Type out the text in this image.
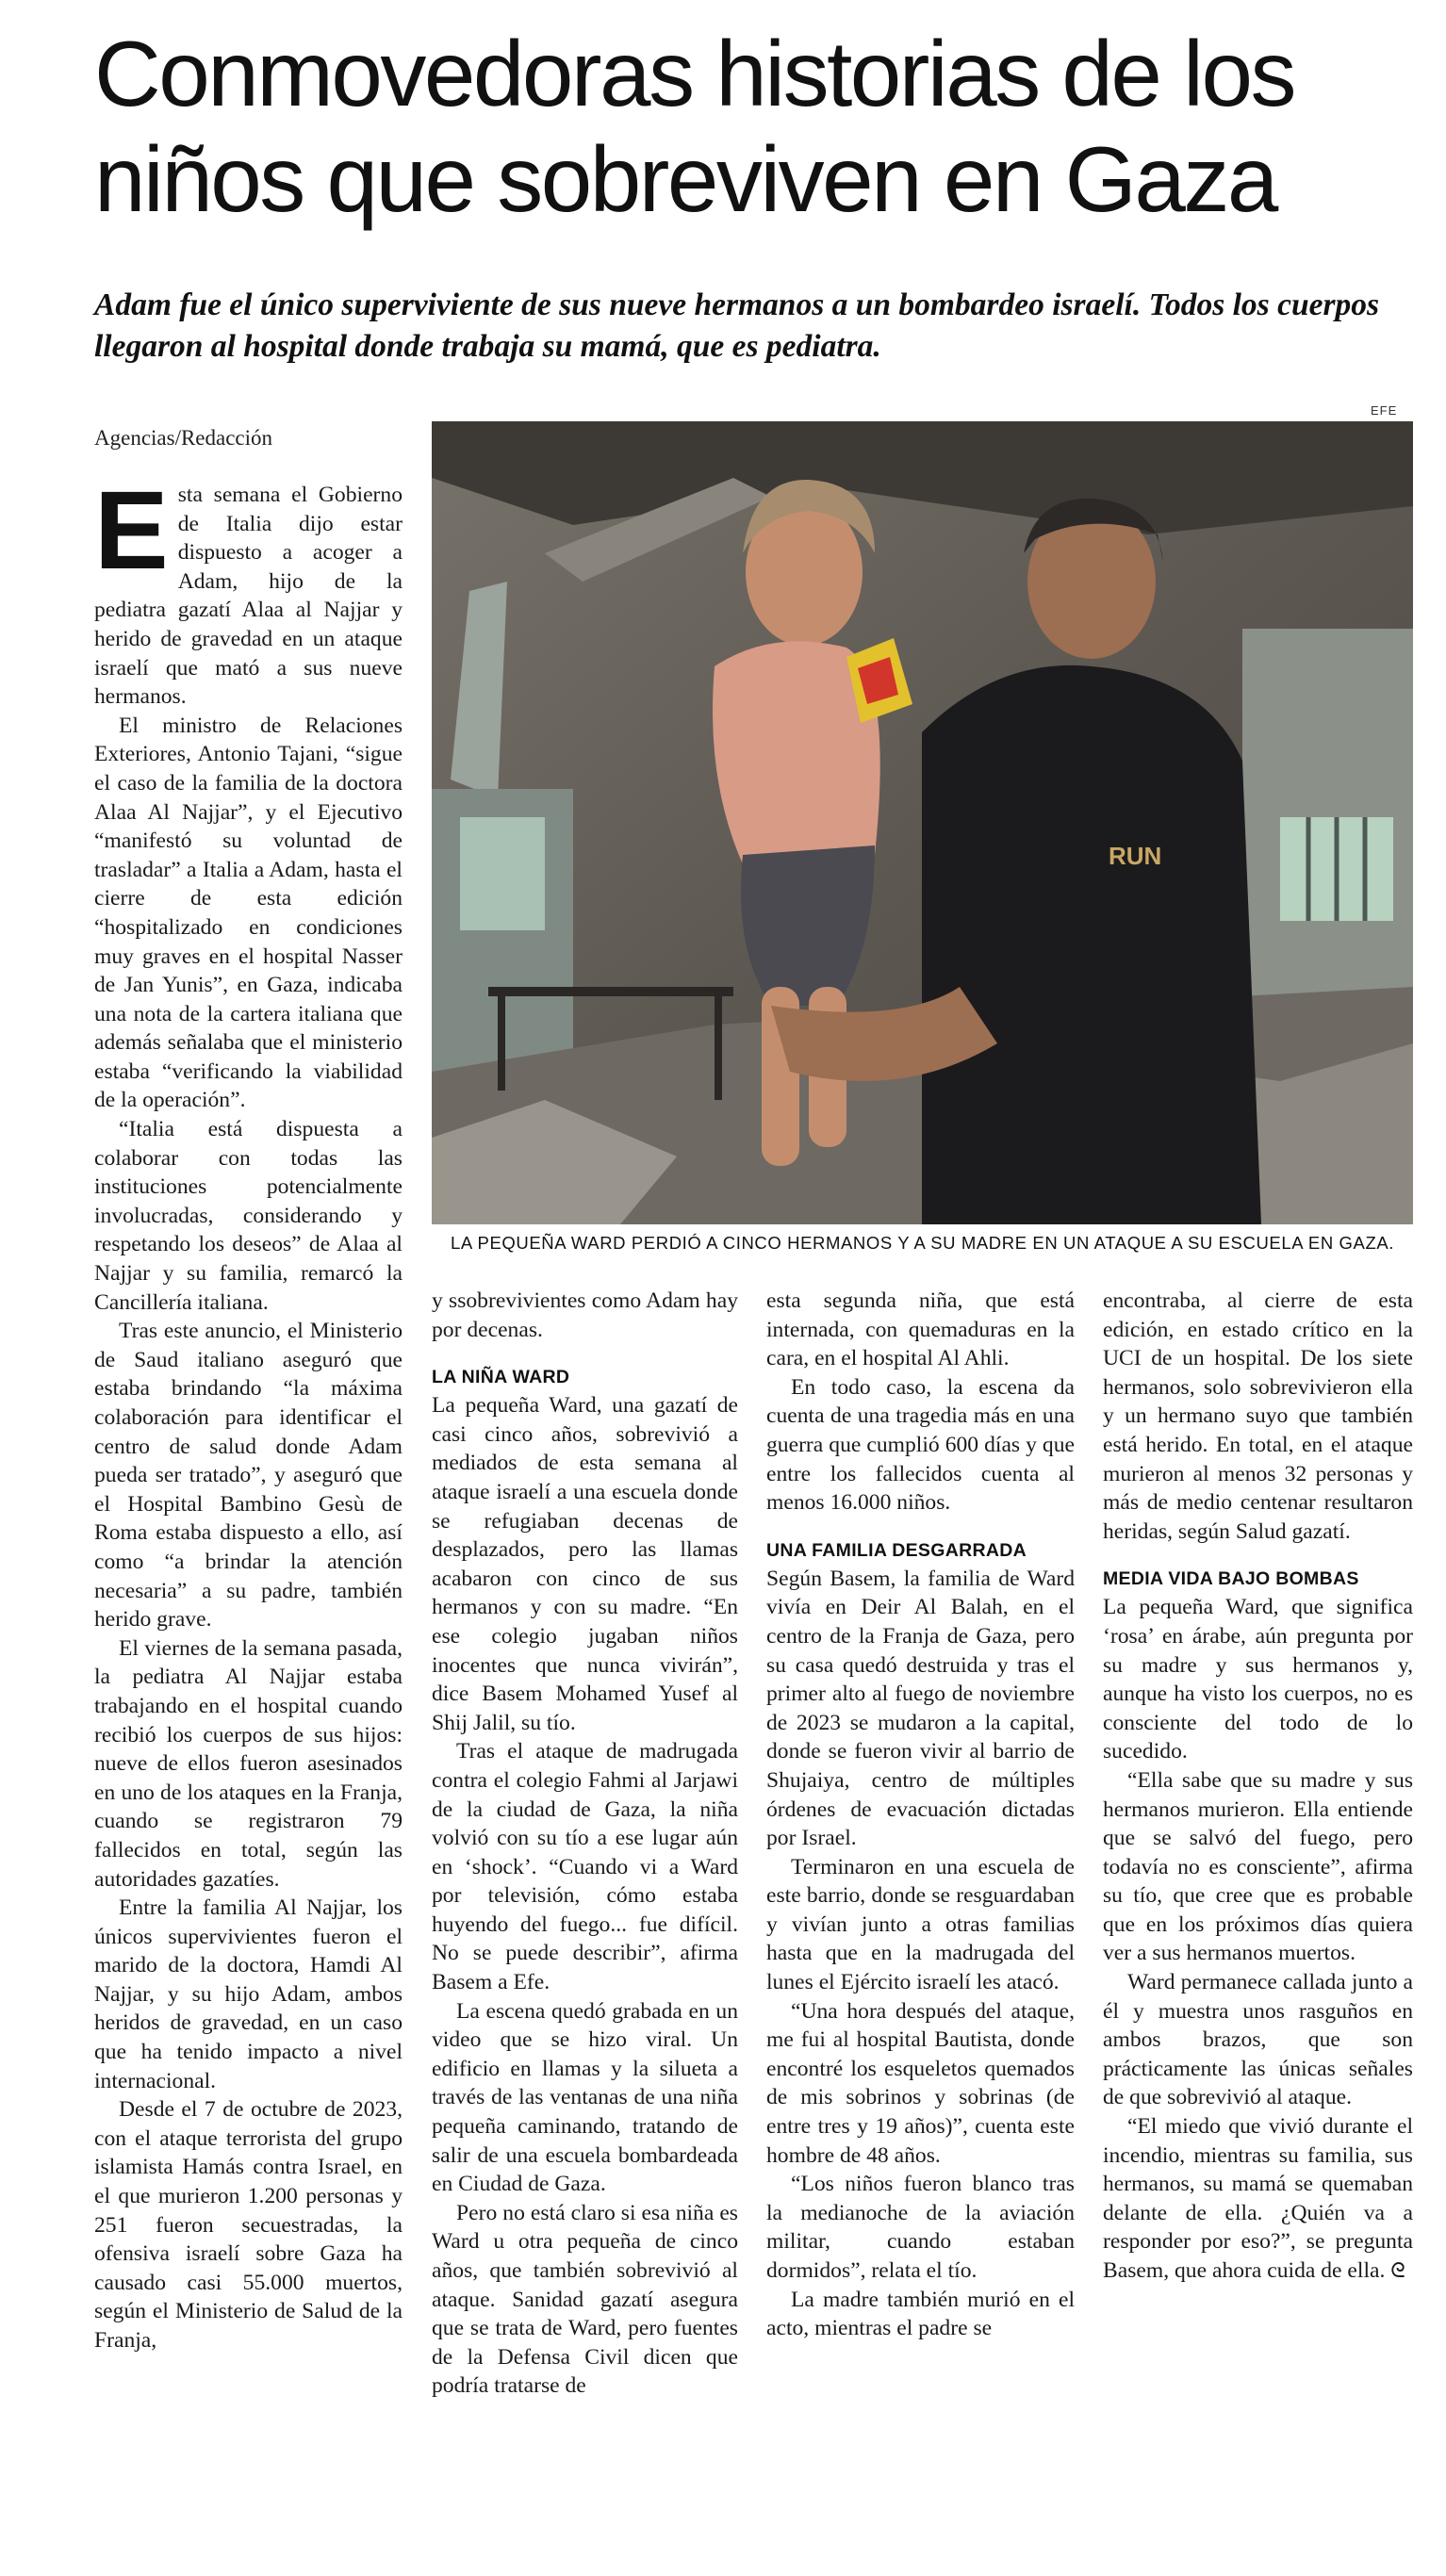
Conmovedoras historias de los niños que sobreviven en Gaza

Adam fue el único superviviente de sus nueve hermanos a un bombardeo israelí. Todos los cuerpos llegaron al hospital donde trabaja su mamá, que es pediatra.

Agencias/Redacción
EFE
RUN
LA PEQUEÑA WARD PERDIÓ A CINCO HERMANOS Y A SU MADRE EN UN ATAQUE A SU ESCUELA EN GAZA.

Esta semana el Gobierno de Italia dijo estar dispuesto a acoger a Adam, hijo de la pediatra gazatí Alaa al Najjar y herido de gravedad en un ataque israelí que mató a sus nueve hermanos.

El ministro de Relaciones Exteriores, Antonio Tajani, “sigue el caso de la familia de la doctora Alaa Al Najjar”, y el Ejecutivo “manifestó su voluntad de trasladar” a Italia a Adam, hasta el cierre de esta edición “hospitalizado en condiciones muy graves en el hospital Nasser de Jan Yunis”, en Gaza, indicaba una nota de la cartera italiana que además señalaba que el ministerio estaba “verificando la viabilidad de la operación”.

“Italia está dispuesta a colaborar con todas las instituciones potencialmente involucradas, considerando y respetando los deseos” de Alaa al Najjar y su familia, remarcó la Cancillería italiana.

Tras este anuncio, el Ministerio de Saud italiano aseguró que estaba brindando “la máxima colaboración para identificar el centro de salud donde Adam pueda ser tratado”, y aseguró que el Hospital Bambino Gesù de Roma estaba dispuesto a ello, así como “a brindar la atención necesaria” a su padre, también herido grave.

El viernes de la semana pasada, la pediatra Al Najjar estaba trabajando en el hospital cuando recibió los cuerpos de sus hijos: nueve de ellos fueron asesinados en uno de los ataques en la Franja, cuando se registraron 79 fallecidos en total, según las autoridades gazatíes.

Entre la familia Al Najjar, los únicos supervivientes fueron el marido de la doctora, Hamdi Al Najjar, y su hijo Adam, ambos heridos de gravedad, en un caso que ha tenido impacto a nivel internacional.

Desde el 7 de octubre de 2023, con el ataque terrorista del grupo islamista Hamás contra Israel, en el que murieron 1.200 personas y 251 fueron secuestradas, la ofensiva israelí sobre Gaza ha causado casi 55.000 muertos, según el Ministerio de Salud de la Franja,

y ssobrevivientes como Adam hay por decenas.

LA NIÑA WARD

La pequeña Ward, una gazatí de casi cinco años, sobrevivió a mediados de esta semana al ataque israelí a una escuela donde se refugiaban decenas de desplazados, pero las llamas acabaron con cinco de sus hermanos y con su madre. “En ese colegio jugaban niños inocentes que nunca vivirán”, dice Basem Mohamed Yusef al Shij Jalil, su tío.

Tras el ataque de madrugada contra el colegio Fahmi al Jarjawi de la ciudad de Gaza, la niña volvió con su tío a ese lugar aún en ‘shock’. “Cuando vi a Ward por televisión, cómo estaba huyendo del fuego... fue difícil. No se puede describir”, afirma Basem a Efe.

La escena quedó grabada en un video que se hizo viral. Un edificio en llamas y la silueta a través de las ventanas de una niña pequeña caminando, tratando de salir de una escuela bombardeada en Ciudad de Gaza.

Pero no está claro si esa niña es Ward u otra pequeña de cinco años, que también sobrevivió al ataque. Sanidad gazatí asegura que se trata de Ward, pero fuentes de la Defensa Civil dicen que podría tratarse de

esta segunda niña, que está internada, con quemaduras en la cara, en el hospital Al Ahli.

En todo caso, la escena da cuenta de una tragedia más en una guerra que cumplió 600 días y que entre los fallecidos cuenta al menos 16.000 niños.

UNA FAMILIA DESGARRADA

Según Basem, la familia de Ward vivía en Deir Al Balah, en el centro de la Franja de Gaza, pero su casa quedó destruida y tras el primer alto al fuego de noviembre de 2023 se mudaron a la capital, donde se fueron vivir al barrio de Shujaiya, centro de múltiples órdenes de evacuación dictadas por Israel.

Terminaron en una escuela de este barrio, donde se resguardaban y vivían junto a otras familias hasta que en la madrugada del lunes el Ejército israelí les atacó.

“Una hora después del ataque, me fui al hospital Bautista, donde encontré los esqueletos quemados de mis sobrinos y sobrinas (de entre tres y 19 años)”, cuenta este hombre de 48 años.

“Los niños fueron blanco tras la medianoche de la aviación militar, cuando estaban dormidos”, relata el tío.

La madre también murió en el acto, mientras el padre se

encontraba, al cierre de esta edición, en estado crítico en la UCI de un hospital. De los siete hermanos, solo sobrevivieron ella y un hermano suyo que también está herido. En total, en el ataque murieron al menos 32 personas y más de medio centenar resultaron heridas, según Salud gazatí.

MEDIA VIDA BAJO BOMBAS

La pequeña Ward, que significa ‘rosa’ en árabe, aún pregunta por su madre y sus hermanos y, aunque ha visto los cuerpos, no es consciente del todo de lo sucedido.

“Ella sabe que su madre y sus hermanos murieron. Ella entiende que se salvó del fuego, pero todavía no es consciente”, afirma su tío, que cree que es probable que en los próximos días quiera ver a sus hermanos muertos.

Ward permanece callada junto a él y muestra unos rasguños en ambos brazos, que son prácticamente las únicas señales de que sobrevivió al ataque.

“El miedo que vivió durante el incendio, mientras su familia, sus hermanos, su mamá se quemaban delante de ella. ¿Quién va a responder por eso?”, se pregunta Basem, que ahora cuida de ella. ᘓ
